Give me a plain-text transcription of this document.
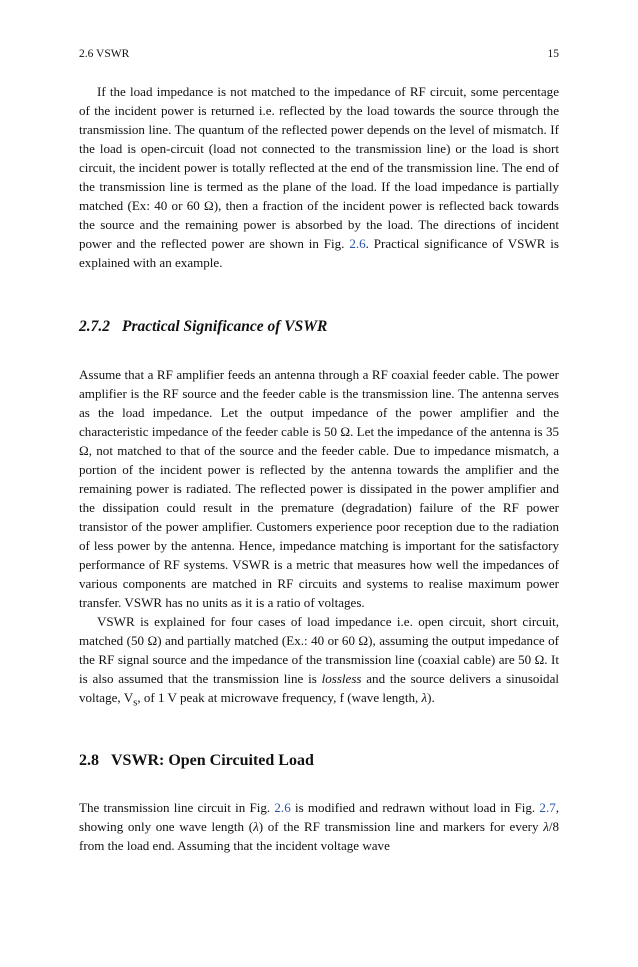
2.6 VSWR	15

If the load impedance is not matched to the impedance of RF circuit, some percentage of the incident power is returned i.e. reflected by the load towards the source through the transmission line. The quantum of the reflected power depends on the level of mismatch. If the load is open-circuit (load not connected to the transmission line) or the load is short circuit, the incident power is totally reflected at the end of the transmission line. The end of the transmission line is termed as the plane of the load. If the load impedance is partially matched (Ex: 40 or 60 Ω), then a fraction of the incident power is reflected back towards the source and the remaining power is absorbed by the load. The directions of incident power and the reflected power are shown in Fig. 2.6. Practical significance of VSWR is explained with an example.

2.7.2 Practical Significance of VSWR

Assume that a RF amplifier feeds an antenna through a RF coaxial feeder cable. The power amplifier is the RF source and the feeder cable is the transmission line. The antenna serves as the load impedance. Let the output impedance of the power amplifier and the characteristic impedance of the feeder cable is 50 Ω. Let the impedance of the antenna is 35 Ω, not matched to that of the source and the feeder cable. Due to impedance mismatch, a portion of the incident power is reflected by the antenna towards the amplifier and the remaining power is radiated. The reflected power is dissipated in the power amplifier and the dissipation could result in the premature (degradation) failure of the RF power transistor of the power amplifier. Customers experience poor reception due to the radiation of less power by the antenna. Hence, impedance matching is important for the satisfactory performance of RF systems. VSWR is a metric that measures how well the impedances of various components are matched in RF circuits and systems to realise maximum power transfer. VSWR has no units as it is a ratio of voltages.

VSWR is explained for four cases of load impedance i.e. open circuit, short circuit, matched (50 Ω) and partially matched (Ex.: 40 or 60 Ω), assuming the output impedance of the RF signal source and the impedance of the transmission line (coaxial cable) are 50 Ω. It is also assumed that the transmission line is lossless and the source delivers a sinusoidal voltage, $V_s$, of 1 V peak at microwave frequency, f (wave length, λ).

2.8 VSWR: Open Circuited Load

The transmission line circuit in Fig. 2.6 is modified and redrawn without load in Fig. 2.7, showing only one wave length (λ) of the RF transmission line and markers for every λ/8 from the load end. Assuming that the incident voltage wave
